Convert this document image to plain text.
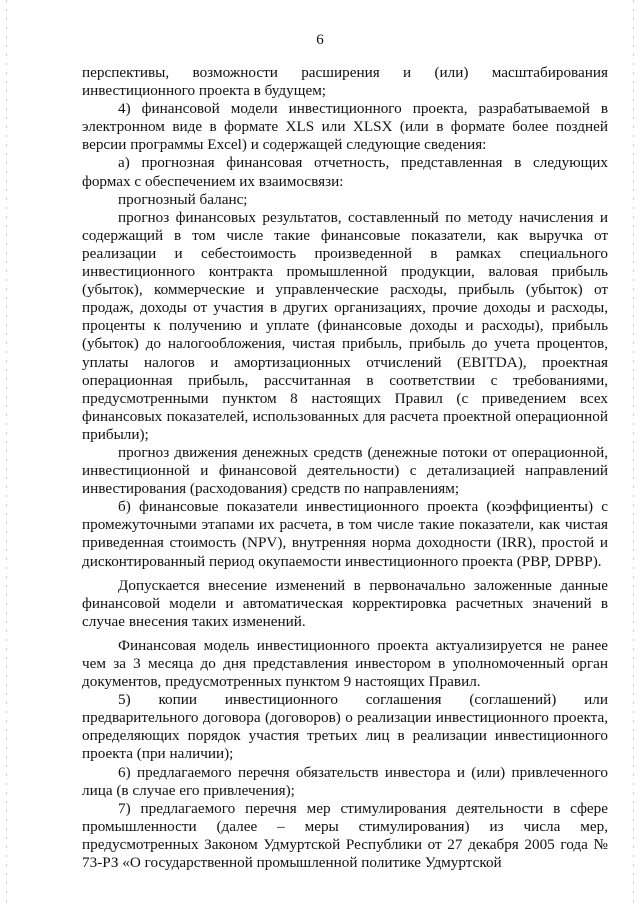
6

перспективы, возможности расширения и (или) масштабирования инвестиционного проекта в будущем;

4) финансовой модели инвестиционного проекта, разрабатываемой в электронном виде в формате XLS или XLSX (или в формате более поздней версии программы Excel) и содержащей следующие сведения:

а) прогнозная финансовая отчетность, представленная в следующих формах с обеспечением их взаимосвязи:

прогнозный баланс;

прогноз финансовых результатов, составленный по методу начисления и содержащий в том числе такие финансовые показатели, как выручка от реализации и себестоимость произведенной в рамках специального инвестиционного контракта промышленной продукции, валовая прибыль (убыток), коммерческие и управленческие расходы, прибыль (убыток) от продаж, доходы от участия в других организациях, прочие доходы и расходы, проценты к получению и уплате (финансовые доходы и расходы), прибыль (убыток) до налогообложения, чистая прибыль, прибыль до учета процентов, уплаты налогов и амортизационных отчислений (EBITDA), проектная операционная прибыль, рассчитанная в соответствии с требованиями, предусмотренными пунктом 8 настоящих Правил (с приведением всех финансовых показателей, использованных для расчета проектной операционной прибыли);

прогноз движения денежных средств (денежные потоки от операционной, инвестиционной и финансовой деятельности) с детализацией направлений инвестирования (расходования) средств по направлениям;

б) финансовые показатели инвестиционного проекта (коэффициенты) с промежуточными этапами их расчета, в том числе такие показатели, как чистая приведенная стоимость (NPV), внутренняя норма доходности (IRR), простой и дисконтированный период окупаемости инвестиционного проекта (PBP, DPBP).

Допускается внесение изменений в первоначально заложенные данные финансовой модели и автоматическая корректировка расчетных значений в случае внесения таких изменений.

Финансовая модель инвестиционного проекта актуализируется не ранее чем за 3 месяца до дня представления инвестором в уполномоченный орган документов, предусмотренных пунктом 9 настоящих Правил.

5) копии инвестиционного соглашения (соглашений) или предварительного договора (договоров) о реализации инвестиционного проекта, определяющих порядок участия третьих лиц в реализации инвестиционного проекта (при наличии);

6) предлагаемого перечня обязательств инвестора и (или) привлеченного лица (в случае его привлечения);

7) предлагаемого перечня мер стимулирования деятельности в сфере промышленности (далее – меры стимулирования) из числа мер, предусмотренных Законом Удмуртской Республики от 27 декабря 2005 года № 73-РЗ «О государственной промышленной политике Удмуртской
